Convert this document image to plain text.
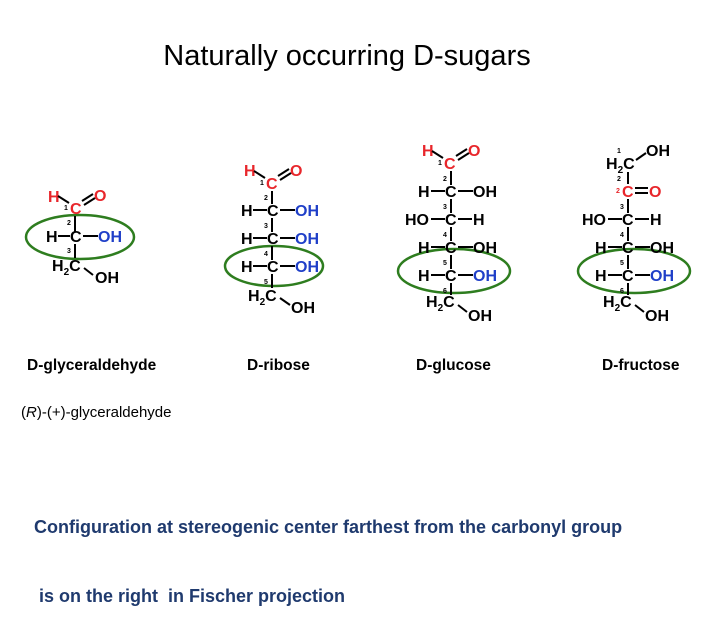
Naturally occurring D-sugars
H
C
O
1
2
H C OH
3
$H_2C$
OH
H
C
O
1
2
H C OH
3
H C OH
4
H C OH
5
$H_2C$
OH
H
C
O
1
2
H C OH
3
HO C H
4
H C OH
5
H C OH
6
$H_2C$
OH
1
$H_2C$
OH
2
2 C O
3
HO C H
4
H C OH
5
H C OH
6
$H_2C$
OH
D-glyceraldehyde	D-ribose	D-glucose	D-fructose
(R)-(+)-glyceraldehyde

Configuration at stereogenic center farthest from the carbonyl group

is on the right  in Fischer projection
